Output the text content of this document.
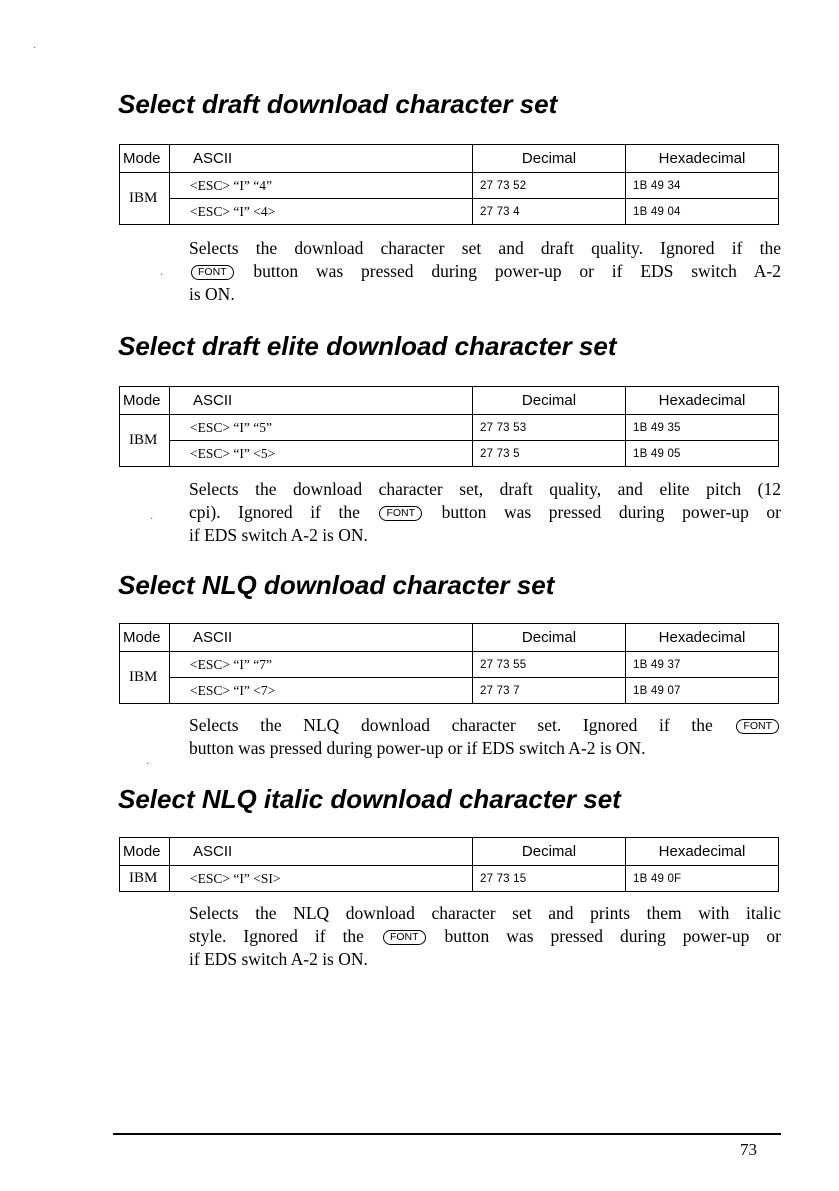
Select draft download character set
Mode	ASCII	Decimal	Hexadecimal
IBM	<ESC> “I” “4”	27 73 52	1B 49 34
	<ESC> “I” <4>	27 73 4	1B 49 04
Selects the download character set and draft quality. Ignored if the
FONT button was pressed during power-up or if EDS switch A-2
is ON.
Select draft elite download character set
Mode	ASCII	Decimal	Hexadecimal
IBM	<ESC> “I” “5”	27 73 53	1B 49 35
	<ESC> “I” <5>	27 73 5	1B 49 05
Selects the download character set, draft quality, and elite pitch (12
cpi). Ignored if the FONT button was pressed during power-up or
if EDS switch A-2 is ON.
Select NLQ download character set
Mode	ASCII	Decimal	Hexadecimal
IBM	<ESC> “I” “7”	27 73 55	1B 49 37
	<ESC> “I” <7>	27 73 7	1B 49 07
Selects the NLQ download character set. Ignored if the FONT
button was pressed during power-up or if EDS switch A-2 is ON.
Select NLQ italic download character set
Mode	ASCII	Decimal	Hexadecimal
IBM	<ESC> “I” <SI>	27 73 15	1B 49 0F
Selects the NLQ download character set and prints them with italic
style. Ignored if the FONT button was pressed during power-up or
if EDS switch A-2 is ON.
73
·
·
·
·
